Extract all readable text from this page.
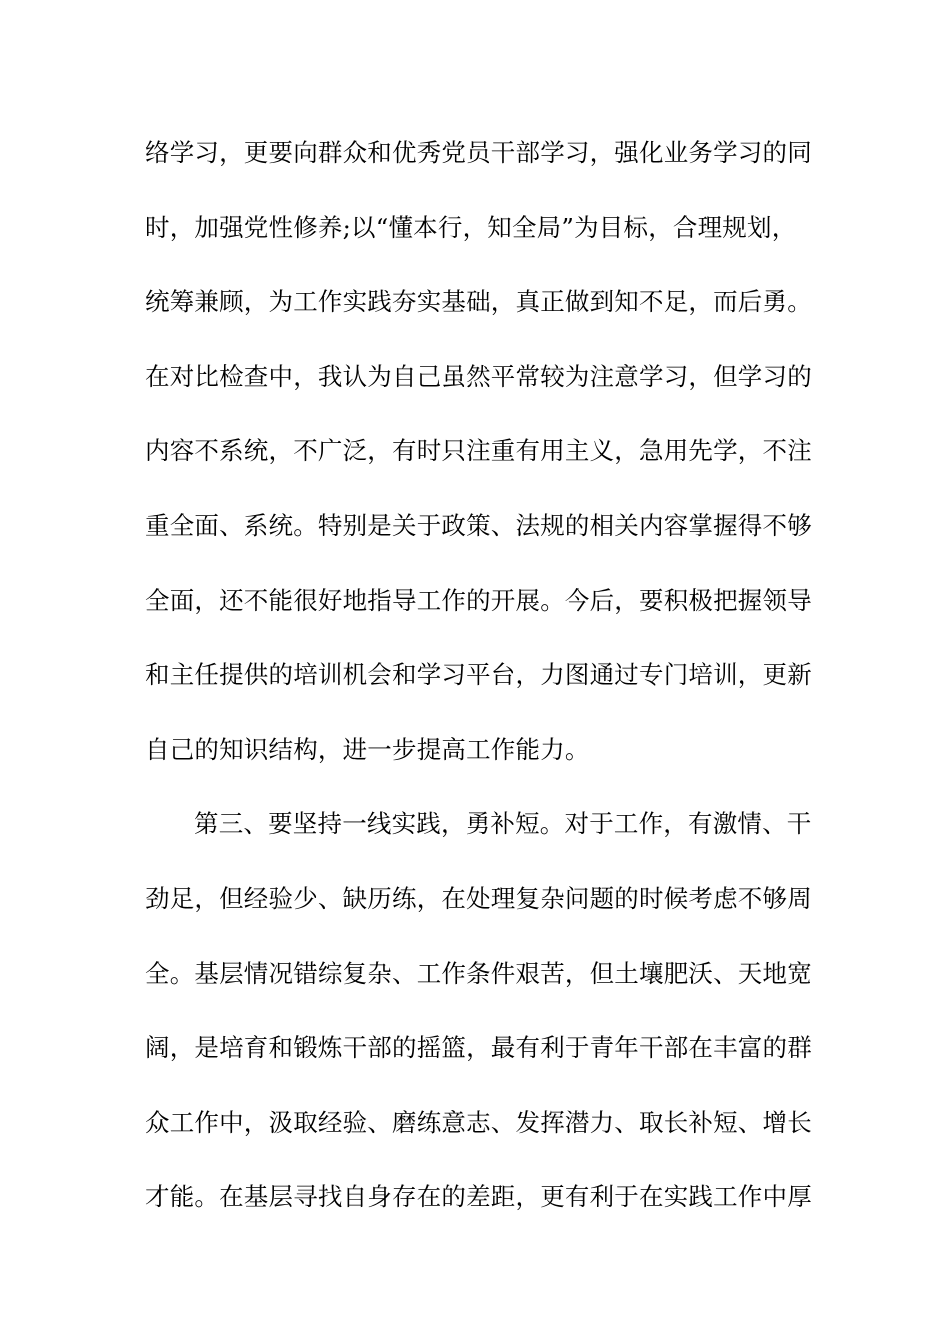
络学习，更要向群众和优秀党员干部学习，强化业务学习的同
时，加强党性修养;以“懂本行，知全局”为目标，合理规划，
统筹兼顾，为工作实践夯实基础，真正做到知不足，而后勇。
在对比检查中，我认为自己虽然平常较为注意学习，但学习的
内容不系统，不广泛，有时只注重有用主义，急用先学，不注
重全面、系统。特别是关于政策、法规的相关内容掌握得不够
全面，还不能很好地指导工作的开展。今后，要积极把握领导
和主任提供的培训机会和学习平台，力图通过专门培训，更新
自己的知识结构，进一步提高工作能力。
第三、要坚持一线实践，勇补短。对于工作，有激情、干
劲足，但经验少、缺历练，在处理复杂问题的时候考虑不够周
全。基层情况错综复杂、工作条件艰苦，但土壤肥沃、天地宽
阔，是培育和锻炼干部的摇篮，最有利于青年干部在丰富的群
众工作中，汲取经验、磨练意志、发挥潜力、取长补短、增长
才能。在基层寻找自身存在的差距，更有利于在实践工作中厚
